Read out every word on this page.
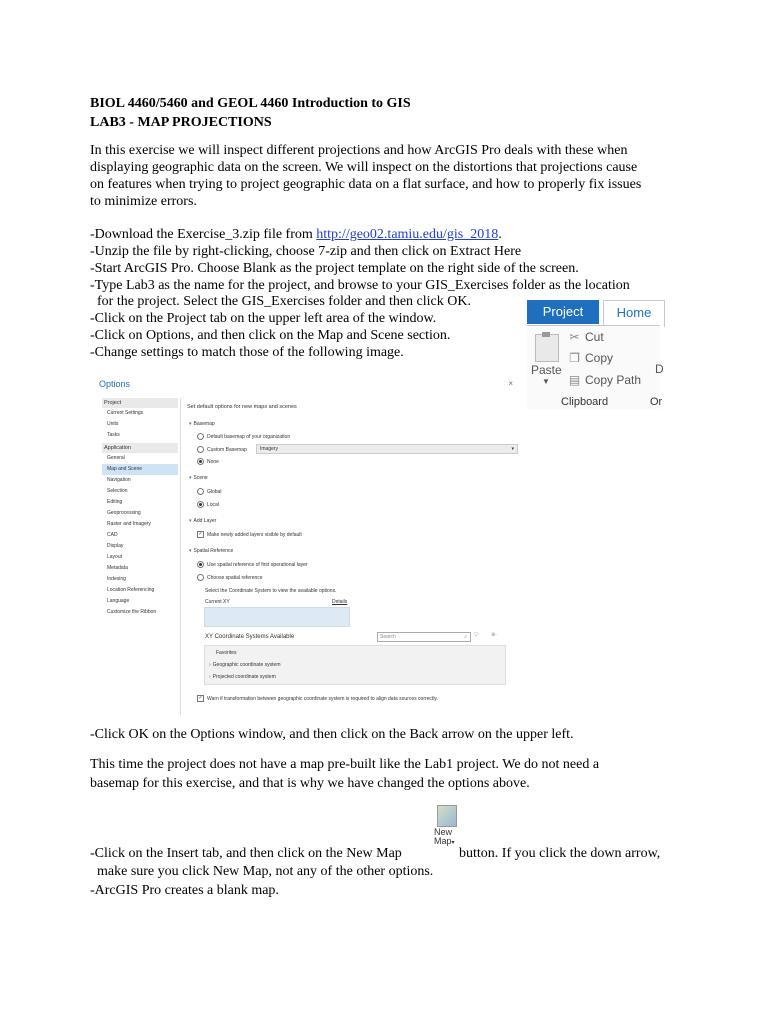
BIOL 4460/5460 and GEOL 4460 Introduction to GIS
LAB3 - MAP PROJECTIONS
In this exercise we will inspect different projections and how ArcGIS Pro deals with these when
displaying geographic data on the screen. We will inspect on the distortions that projections cause
on features when trying to project geographic data on a flat surface, and how to properly fix issues
to minimize errors.
-Download the Exercise_3.zip file from http://geo02.tamiu.edu/gis_2018.
-Unzip the file by right-clicking, choose 7-zip and then click on Extract Here
-Start ArcGIS Pro. Choose Blank as the project template on the right side of the screen.
-Type Lab3 as the name for the project, and browse to your GIS_Exercises folder as the location
for the project. Select the GIS_Exercises folder and then click OK.
-Click on the Project tab on the upper left area of the window.
-Click on Options, and then click on the Map and Scene section.
-Change settings to match those of the following image.
Project	Home
Paste
▼
✂ Cut
❐ Copy
▤ Copy Path
D
Clipboard	Or
Options	×
Project
Current Settings
Units
Tasks
Application
General
Map and Scene
Navigation
Selection
Editing
Geoprocessing
Raster and Imagery
CAD
Display
Layout
Metadata
Indexing
Location Referencing
Language
Customize the Ribbon
Set default options for new maps and scenes
▾ Basemap
Default basemap of your organization
Custom Basemap	Imagery	▾
None
▾ Scene
Global
Local
▾ Add Layer
✓ Make newly added layers visible by default
▾ Spatial Reference
Use spatial reference of first operational layer
Choose spatial reference
Select the Coordinate System to view the available options.
Current XY	Details
XY Coordinate Systems Available	Search	⌕ ▽· ⊕·
Favorites
› Geographic coordinate system
› Projected coordinate system
✓ Warn if transformation between geographic coordinate system is required to align data sources correctly.
-Click OK on the Options window, and then click on the Back arrow on the upper left.
This time the project does not have a map pre-built like the Lab1 project. We do not need a
basemap for this exercise, and that is why we have changed the options above.
New
Map▾
-Click on the Insert tab, and then click on the New Map	button. If you click the down arrow,
make sure you click New Map, not any of the other options.
-ArcGIS Pro creates a blank map.
